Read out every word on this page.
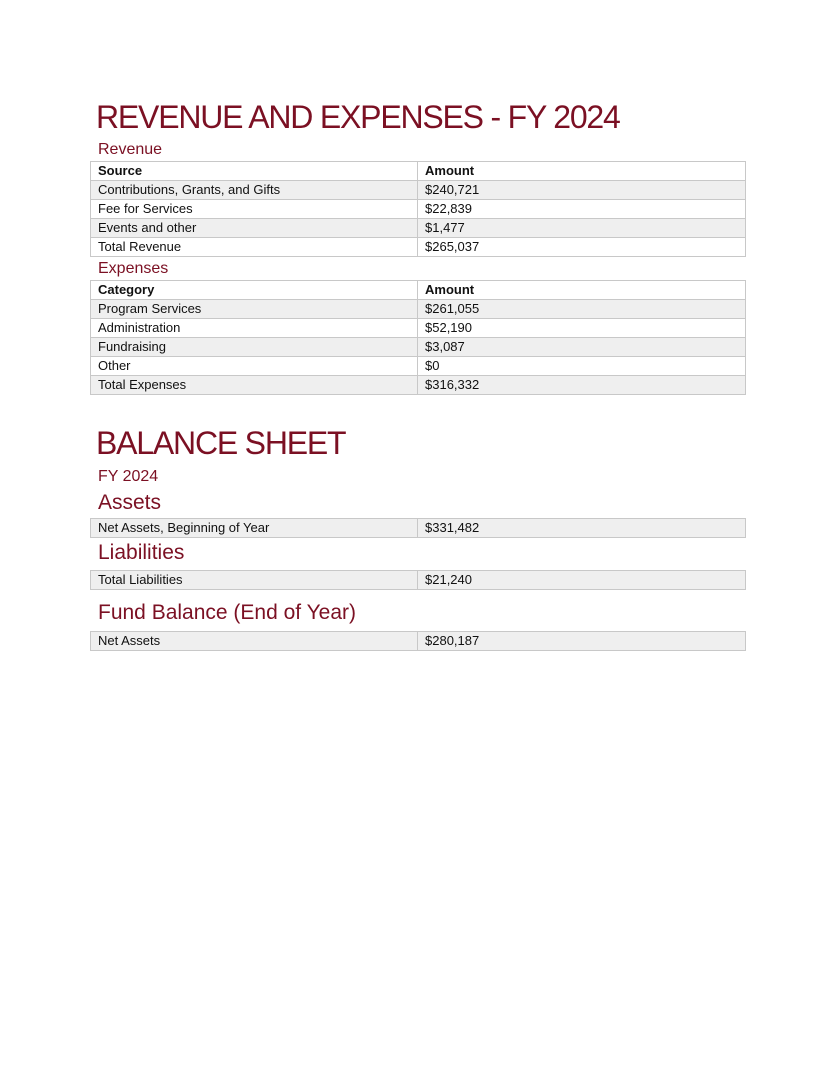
REVENUE AND EXPENSES - FY 2024
Revenue
Source	Amount
Contributions, Grants, and Gifts	$240,721
Fee for Services	$22,839
Events and other	$1,477
Total Revenue	$265,037
Expenses
Category	Amount
Program Services	$261,055
Administration	$52,190
Fundraising	$3,087
Other	$0
Total Expenses	$316,332
BALANCE SHEET
FY 2024
Assets
Net Assets, Beginning of Year	$331,482
Liabilities
Total Liabilities	$21,240
Fund Balance (End of Year)
Net Assets	$280,187
